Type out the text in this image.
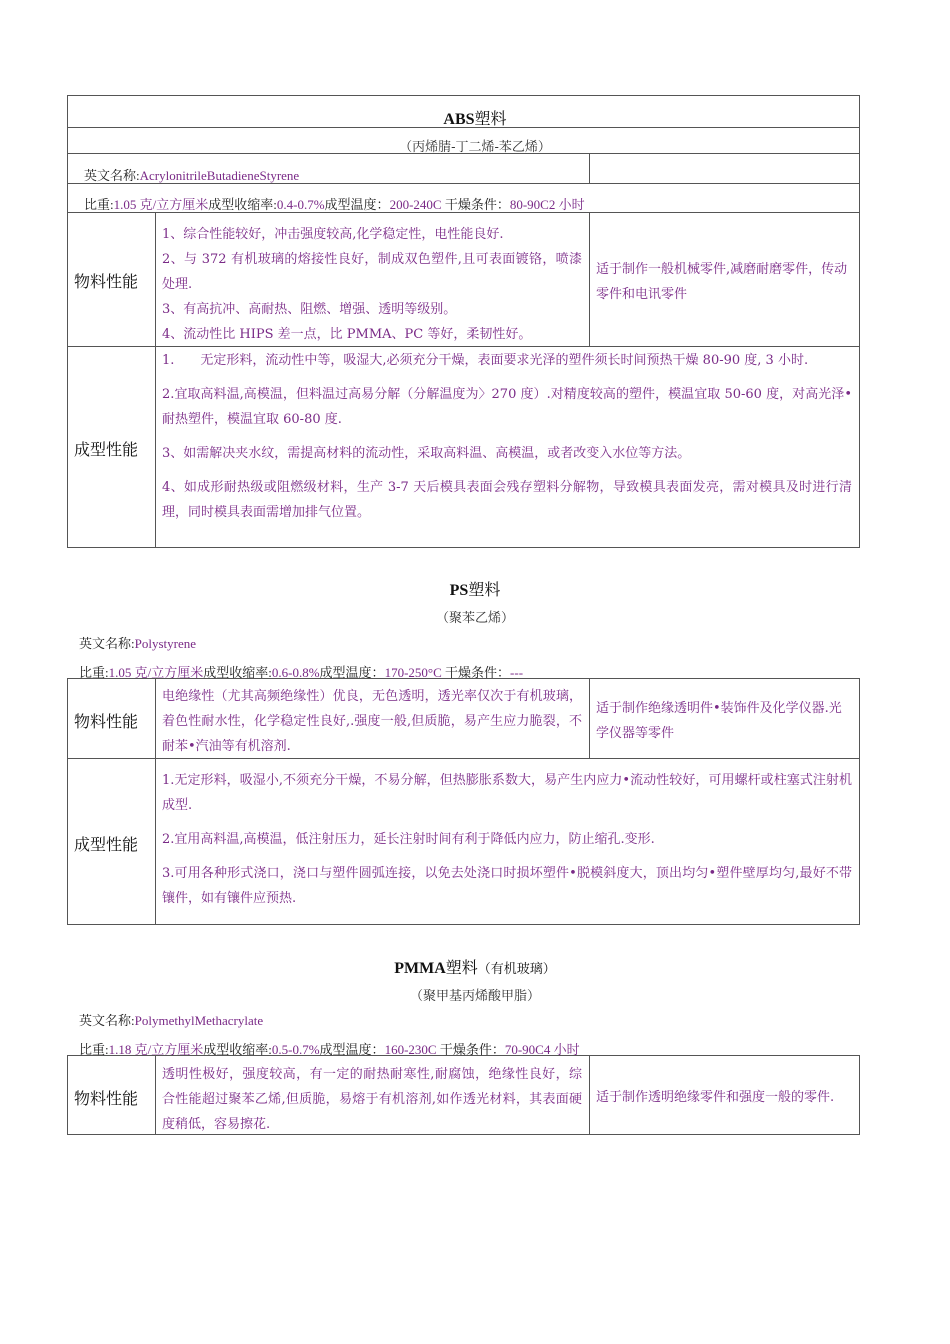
ABS塑料
（丙烯腈-丁二烯-苯乙烯）
英文名称:AcrylonitrileButadieneStyrene
比重:1.05 克/立方厘米成型收缩率:0.4-0.7%成型温度：200-240C 干燥条件：80-90C2 小时
物料性能
1、综合性能较好，冲击强度较高,化学稳定性，电性能良好.
2、与 372 有机玻璃的熔接性良好，制成双色塑件,且可表面镀铬，喷漆处理.
3、有高抗冲、高耐热、阻燃、增强、透明等级别。
4、流动性比 HIPS 差一点，比 PMMA、PC 等好，柔韧性好。
适于制作一般机械零件,减磨耐磨零件，传动零件和电讯零件
成型性能
1.　　无定形料，流动性中等，吸湿大,必须充分干燥，表面要求光泽的塑件须长时间预热干燥 80-90 度, 3 小时.
2.宜取高料温,高模温，但料温过高易分解（分解温度为〉270 度）.对精度较高的塑件，模温宜取 50-60 度，对高光泽•耐热塑件，模温宜取 60-80 度.
3、如需解决夹水纹，需提高材料的流动性，采取高料温、高模温，或者改变入水位等方法。
4、如成形耐热级或阻燃级材料，生产 3-7 天后模具表面会残存塑料分解物，导致模具表面发亮，需对模具及时进行清理，同时模具表面需增加排气位置。
PS塑料
（聚苯乙烯）
英文名称:Polystyrene
比重:1.05 克/立方厘米成型收缩率:0.6-0.8%成型温度：170-250°C 干燥条件：---
物料性能
电绝缘性（尤其高频绝缘性）优良，无色透明，透光率仅次于有机玻璃，着色性耐水性，化学稳定性良好,.强度一般,但质脆，易产生应力脆裂，不耐苯•汽油等有机溶剂.
适于制作绝缘透明件•装饰件及化学仪器.光学仪器等零件
成型性能
1.无定形料，吸湿小,不须充分干燥，不易分解，但热膨胀系数大，易产生内应力•流动性较好，可用螺杆或柱塞式注射机成型.
2.宜用高料温,高模温，低注射压力，延长注射时间有利于降低内应力，防止缩孔.变形.
3.可用各种形式浇口，浇口与塑件圆弧连接，以免去处浇口时损坏塑件•脱模斜度大，顶出均匀•塑件壁厚均匀,最好不带镶件，如有镶件应预热.
PMMA塑料（有机玻璃）
（聚甲基丙烯酸甲脂）
英文名称:PolymethylMethacrylate
比重:1.18 克/立方厘米成型收缩率:0.5-0.7%成型温度：160-230C 干燥条件：70-90C4 小时
物料性能
透明性极好，强度较高，有一定的耐热耐寒性,耐腐蚀，绝缘性良好，综合性能超过聚苯乙烯,但质脆，易熔于有机溶剂,如作透光材料，其表面硬度稍低，容易擦花.
适于制作透明绝缘零件和强度一般的零件.
